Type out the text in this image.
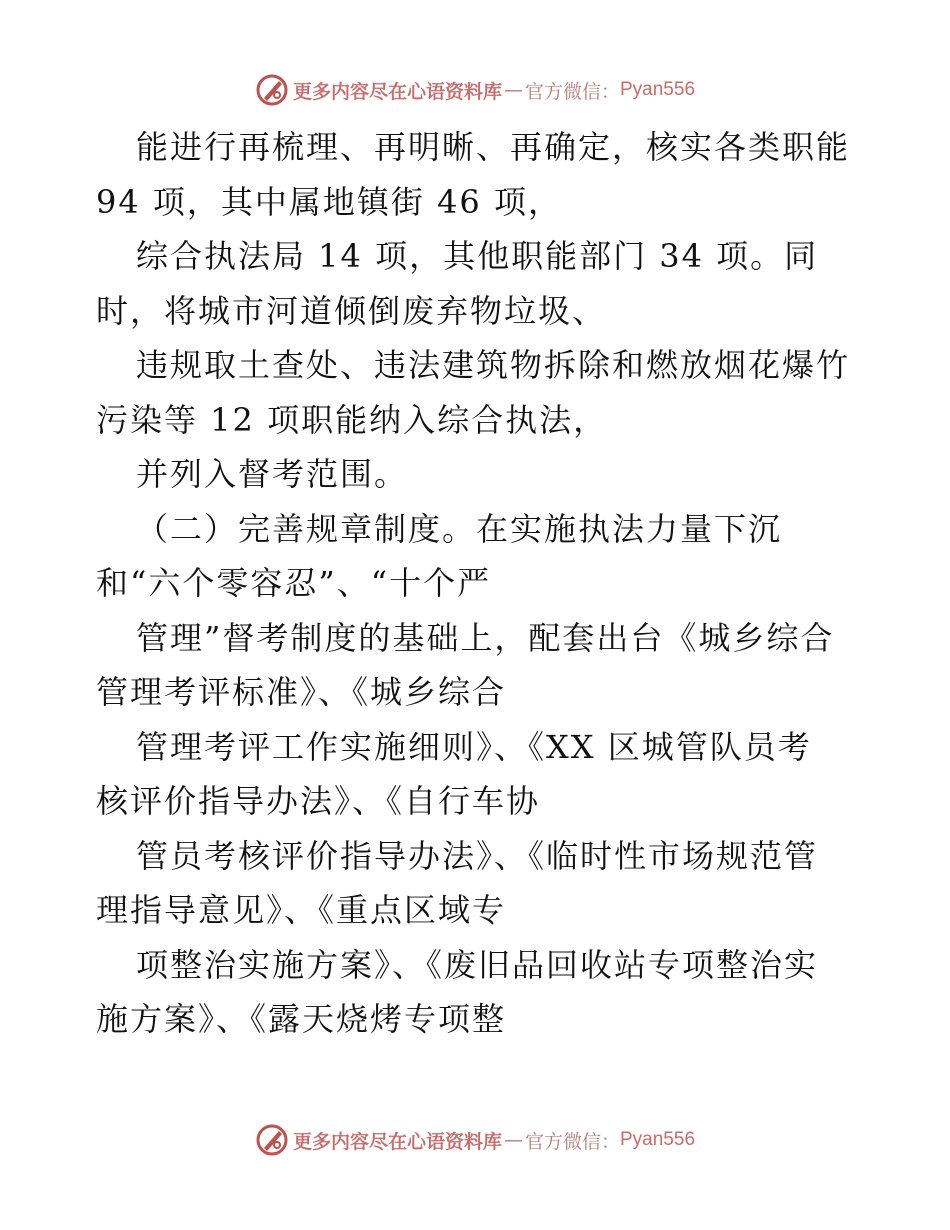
更多内容尽在心语资料库 — 官方微信： Pyan556
能进行再梳理、再明晰、再确定，核实各类职能
94 项，其中属地镇街 46 项，
综合执法局 14 项，其他职能部门 34 项。同
时，将城市河道倾倒废弃物垃圾、
违规取土查处、违法建筑物拆除和燃放烟花爆竹
污染等 12 项职能纳入综合执法，
并列入督考范围。
（二）完善规章制度。在实施执法力量下沉
和“六个零容忍”、“十个严
管理”督考制度的基础上，配套出台《城乡综合
管理考评标准》、《城乡综合
管理考评工作实施细则》、《XX 区城管队员考
核评价指导办法》、《自行车协
管员考核评价指导办法》、《临时性市场规范管
理指导意见》、《重点区域专
项整治实施方案》、《废旧品回收站专项整治实
施方案》、《露天烧烤专项整
更多内容尽在心语资料库 — 官方微信： Pyan556
